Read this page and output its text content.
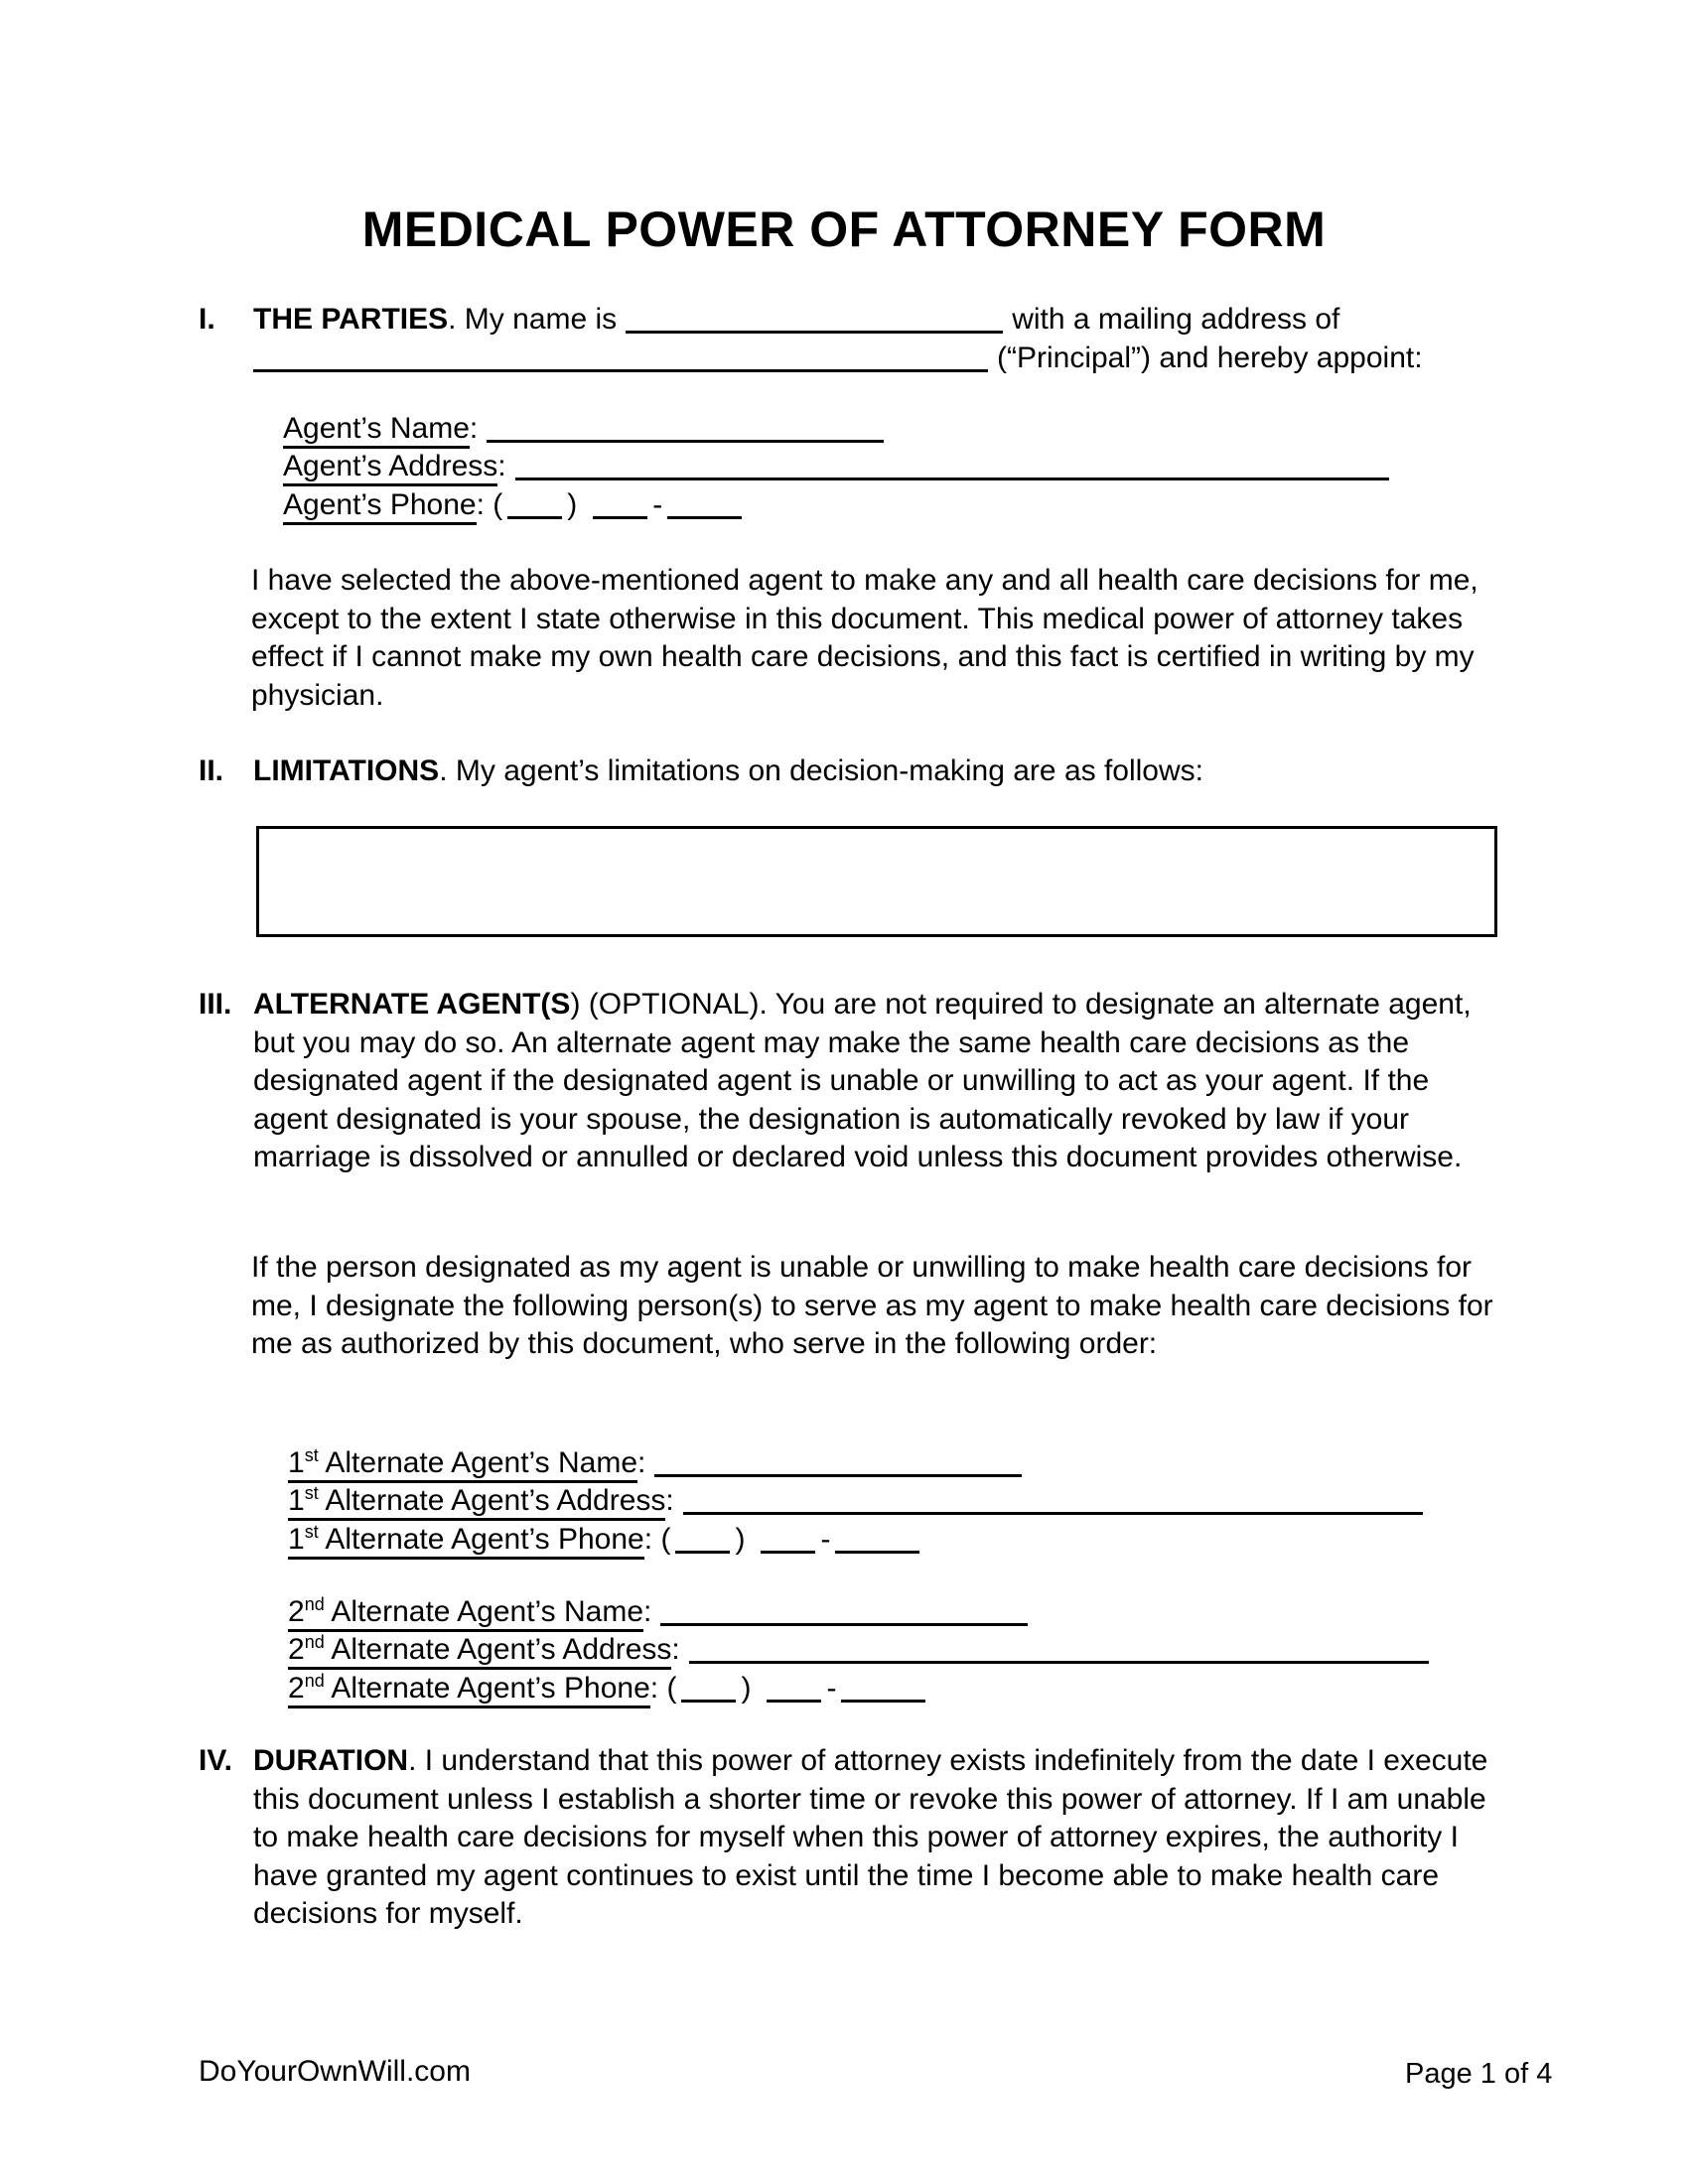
MEDICAL POWER OF ATTORNEY FORM
I. THE PARTIES. My name is	with a mailing address of
(“Principal”) and hereby appoint:
Agent’s Name:
Agent’s Address:
Agent’s Phone: ( )	-
I have selected the above-mentioned agent to make any and all health care decisions for me, except to the extent I state otherwise in this document. This medical power of attorney takes effect if I cannot make my own health care decisions, and this fact is certified in writing by my physician.
II. LIMITATIONS. My agent’s limitations on decision-making are as follows:
III. ALTERNATE AGENT(S) (OPTIONAL). You are not required to designate an alternate agent, but you may do so. An alternate agent may make the same health care decisions as the designated agent if the designated agent is unable or unwilling to act as your agent. If the agent designated is your spouse, the designation is automatically revoked by law if your marriage is dissolved or annulled or declared void unless this document provides otherwise.
If the person designated as my agent is unable or unwilling to make health care decisions for me, I designate the following person(s) to serve as my agent to make health care decisions for me as authorized by this document, who serve in the following order:
1st Alternate Agent’s Name:
1st Alternate Agent’s Address:
1st Alternate Agent’s Phone: ( )	-
2nd Alternate Agent’s Name:
2nd Alternate Agent’s Address:
2nd Alternate Agent’s Phone: ( )	-
IV. DURATION. I understand that this power of attorney exists indefinitely from the date I execute this document unless I establish a shorter time or revoke this power of attorney. If I am unable to make health care decisions for myself when this power of attorney expires, the authority I have granted my agent continues to exist until the time I become able to make health care decisions for myself.
DoYourOwnWill.com	Page 1 of 4
